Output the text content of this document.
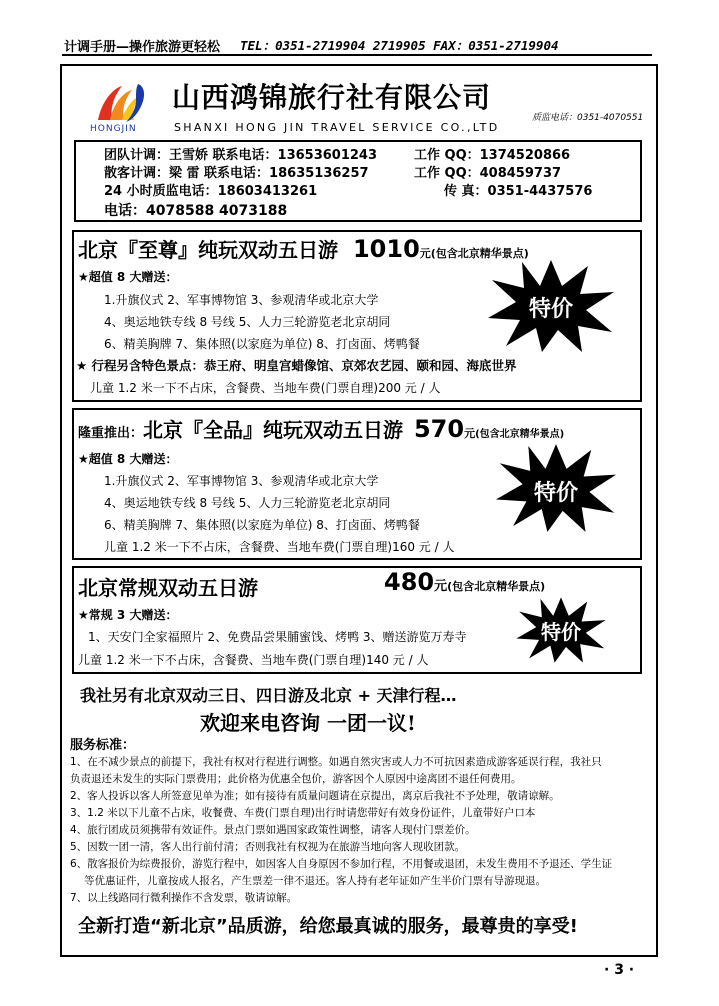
计调手册—操作旅游更轻松 TEL：0351-2719904 2719905 FAX：0351-2719904
HONGJIN
山西鸿锦旅行社有限公司
SHANXI HONG JIN TRAVEL SERVICE CO.,LTD
质监电话：0351-4070551
团队计调：王雪娇 联系电话：13653601243	工作 QQ：1374520866
散客计调：梁 雷 联系电话：18635136257	工作 QQ：408459737
24 小时质监电话：18603413261	传 真：0351-4437576
电话：4078588 4073188
北京『至尊』纯玩双动五日游 1010元(包含北京精华景点)
★超值 8 大赠送：
1.升旗仪式 2、军事博物馆 3、参观清华或北京大学
4、奥运地铁专线 8 号线 5、人力三轮游览老北京胡同
6、精美胸牌 7、集体照(以家庭为单位) 8、打卤面、烤鸭餐
★ 行程另含特色景点：恭王府、明皇宫蜡像馆、京郊农艺园、颐和园、海底世界
儿童 1.2 米一下不占床，含餐费、当地车费(门票自理)200 元 / 人
特价
隆重推出：北京『全品』纯玩双动五日游 570元(包含北京精华景点)
★超值 8 大赠送：
1.升旗仪式 2、军事博物馆 3、参观清华或北京大学
4、奥运地铁专线 8 号线 5、人力三轮游览老北京胡同
6、精美胸牌 7、集体照(以家庭为单位) 8、打卤面、烤鸭餐
儿童 1.2 米一下不占床，含餐费、当地车费(门票自理)160 元 / 人
特价
北京常规双动五日游	480元(包含北京精华景点)
★常规 3 大赠送：
1、天安门全家福照片 2、免费品尝果脯蜜饯、烤鸭 3、赠送游览万寿寺
儿童 1.2 米一下不占床，含餐费、当地车费(门票自理)140 元 / 人
特价
我社另有北京双动三日、四日游及北京 + 天津行程…
欢迎来电咨询 一团一议!
服务标准：
1、在不减少景点的前提下，我社有权对行程进行调整。如遇自然灾害或人力不可抗因素造成游客延误行程，我社只
负责退还未发生的实际门票费用；此价格为优惠全包价，游客因个人原因中途离团不退任何费用。
2、客人投诉以客人所签意见单为准；如有接待有质量问题请在京提出，离京后我社不予处理，敬请谅解。
3、1.2 米以下儿童不占床，收餐费、车费(门票自理)出行时请您带好有效身份证件，儿童带好户口本
4、旅行团成员须携带有效证件。景点门票如遇国家政策性调整，请客人现付门票差价。
5、因数一团一清，客人出行前付清；否则我社有权视为在旅游当地向客人现收团款。
6、散客报价为综费报价，游览行程中，如因客人自身原因不参加行程，不用餐或退团，未发生费用不予退还、学生证
等优惠证件，儿童按成人报名，产生票差一律不退还。客人持有老年证如产生半价门票有导游现退。
7、以上线路同行微利操作不含发票，敬请谅解。
全新打造“新北京”品质游，给您最真诚的服务，最尊贵的享受!
· 3 ·
